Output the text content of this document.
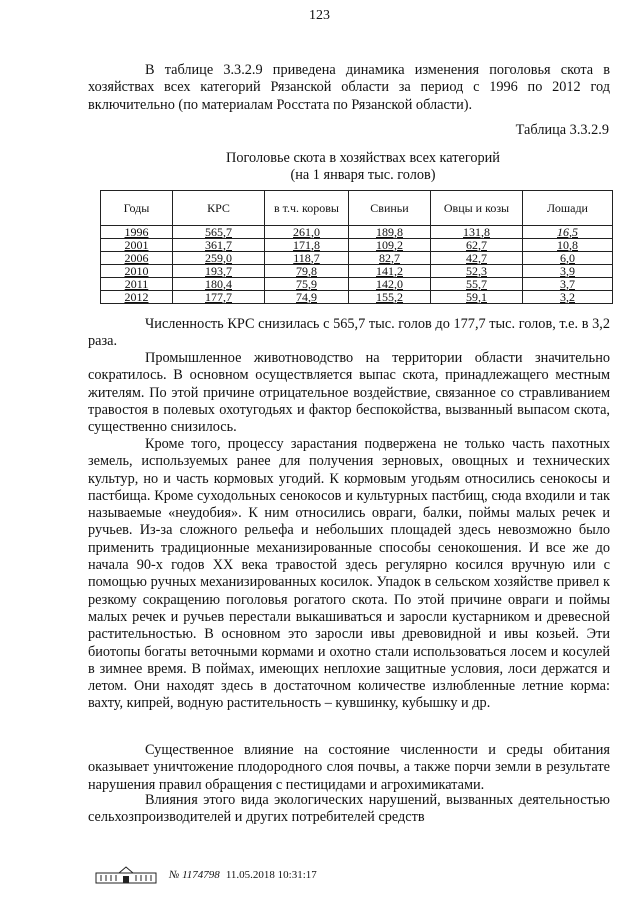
123

В таблице 3.3.2.9 приведена динамика изменения поголовья скота в хозяйствах всех категорий Рязанской области за период с 1996 по 2012 год включительно (по материалам Росстата по Рязанской области).

Таблица 3.3.2.9
Поголовье скота в хозяйствах всех категорий
(на 1 января тыс. голов)
Годы	КРС	в т.ч. коровы	Свиньи	Овцы и козы	Лошади
1996	565,7	261,0	189,8	131,8	16,5
2001	361,7	171,8	109,2	62,7	10,8
2006	259,0	118,7	82,7	42,7	6,0
2010	193,7	79,8	141,2	52,3	3,9
2011	180,4	75,9	142,0	55,7	3,7
2012	177,7	74,9	155,2	59,1	3,2

Численность КРС снизилась с 565,7 тыс. голов до 177,7 тыс. голов, т.е. в 3,2 раза.

Промышленное животноводство на территории области значительно сократилось. В основном осуществляется выпас скота, принадлежащего местным жителям. По этой причине отрицательное воздействие, связанное со стравливанием травостоя в полевых охотугодьях и фактор беспокойства, вызванный выпасом скота, существенно снизилось.

Кроме того, процессу зарастания подвержена не только часть пахотных земель, используемых ранее для получения зерновых, овощных и технических культур, но и часть кормовых угодий. К кормовым угодьям относились сенокосы и пастбища. Кроме суходольных сенокосов и культурных пастбищ, сюда входили и так называемые «неудобия». К ним относились овраги, балки, поймы малых речек и ручьев. Из-за сложного рельефа и небольших площадей здесь невозможно было применить традиционные механизированные способы сенокошения. И все же до начала 90-х годов XX века травостой здесь регулярно косился вручную или с помощью ручных механизированных косилок. Упадок в сельском хозяйстве привел к резкому сокращению поголовья рогатого скота. По этой причине овраги и поймы малых речек и ручьев перестали выкашиваться и заросли кустарником и древесной растительностью. В основном это заросли ивы древовидной и ивы козьей. Эти биотопы богаты веточными кормами и охотно стали использоваться лосем и косулей в зимнее время. В поймах, имеющих неплохие защитные условия, лоси держатся и летом. Они находят здесь в достаточном количестве излюбленные летние корма: вахту, кипрей, водную растительность – кувшинку, кубышку и др.

Существенное влияние на состояние численности и среды обитания оказывает уничтожение плодородного слоя почвы, а также порчи земли в результате нарушения правил обращения с пестицидами и агрохимикатами.

Влияния этого вида экологических нарушений, вызванных деятельностью сельхозпроизводителей и других потребителей средств

№ 1174798 11.05.2018 10:31:17
